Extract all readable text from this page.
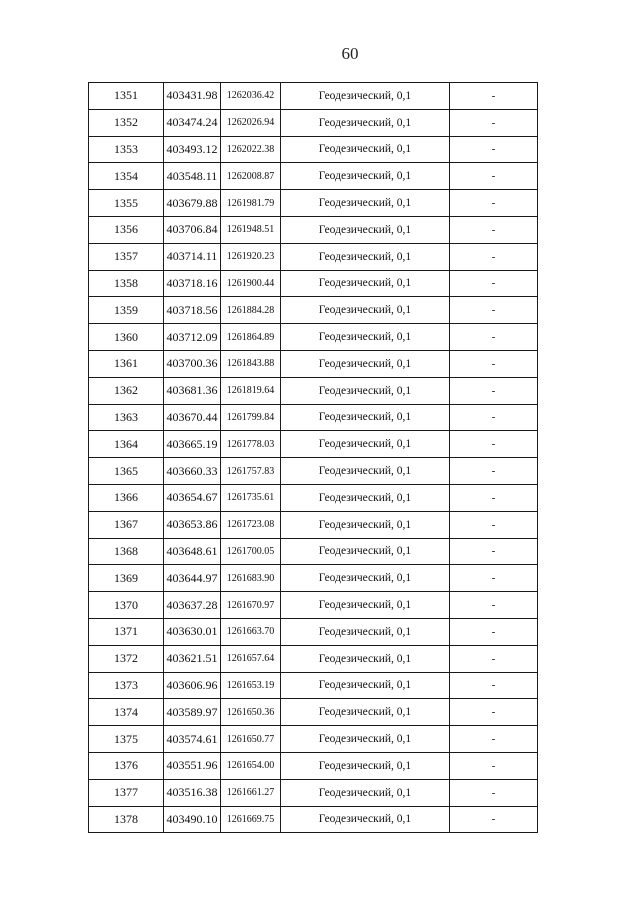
60
1351	403431.98	1262036.42	Геодезический, 0,1	-
1352	403474.24	1262026.94	Геодезический, 0,1	-
1353	403493.12	1262022.38	Геодезический, 0,1	-
1354	403548.11	1262008.87	Геодезический, 0,1	-
1355	403679.88	1261981.79	Геодезический, 0,1	-
1356	403706.84	1261948.51	Геодезический, 0,1	-
1357	403714.11	1261920.23	Геодезический, 0,1	-
1358	403718.16	1261900.44	Геодезический, 0,1	-
1359	403718.56	1261884.28	Геодезический, 0,1	-
1360	403712.09	1261864.89	Геодезический, 0,1	-
1361	403700.36	1261843.88	Геодезический, 0,1	-
1362	403681.36	1261819.64	Геодезический, 0,1	-
1363	403670.44	1261799.84	Геодезический, 0,1	-
1364	403665.19	1261778.03	Геодезический, 0,1	-
1365	403660.33	1261757.83	Геодезический, 0,1	-
1366	403654.67	1261735.61	Геодезический, 0,1	-
1367	403653.86	1261723.08	Геодезический, 0,1	-
1368	403648.61	1261700.05	Геодезический, 0,1	-
1369	403644.97	1261683.90	Геодезический, 0,1	-
1370	403637.28	1261670.97	Геодезический, 0,1	-
1371	403630.01	1261663.70	Геодезический, 0,1	-
1372	403621.51	1261657.64	Геодезический, 0,1	-
1373	403606.96	1261653.19	Геодезический, 0,1	-
1374	403589.97	1261650.36	Геодезический, 0,1	-
1375	403574.61	1261650.77	Геодезический, 0,1	-
1376	403551.96	1261654.00	Геодезический, 0,1	-
1377	403516.38	1261661.27	Геодезический, 0,1	-
1378	403490.10	1261669.75	Геодезический, 0,1	-
